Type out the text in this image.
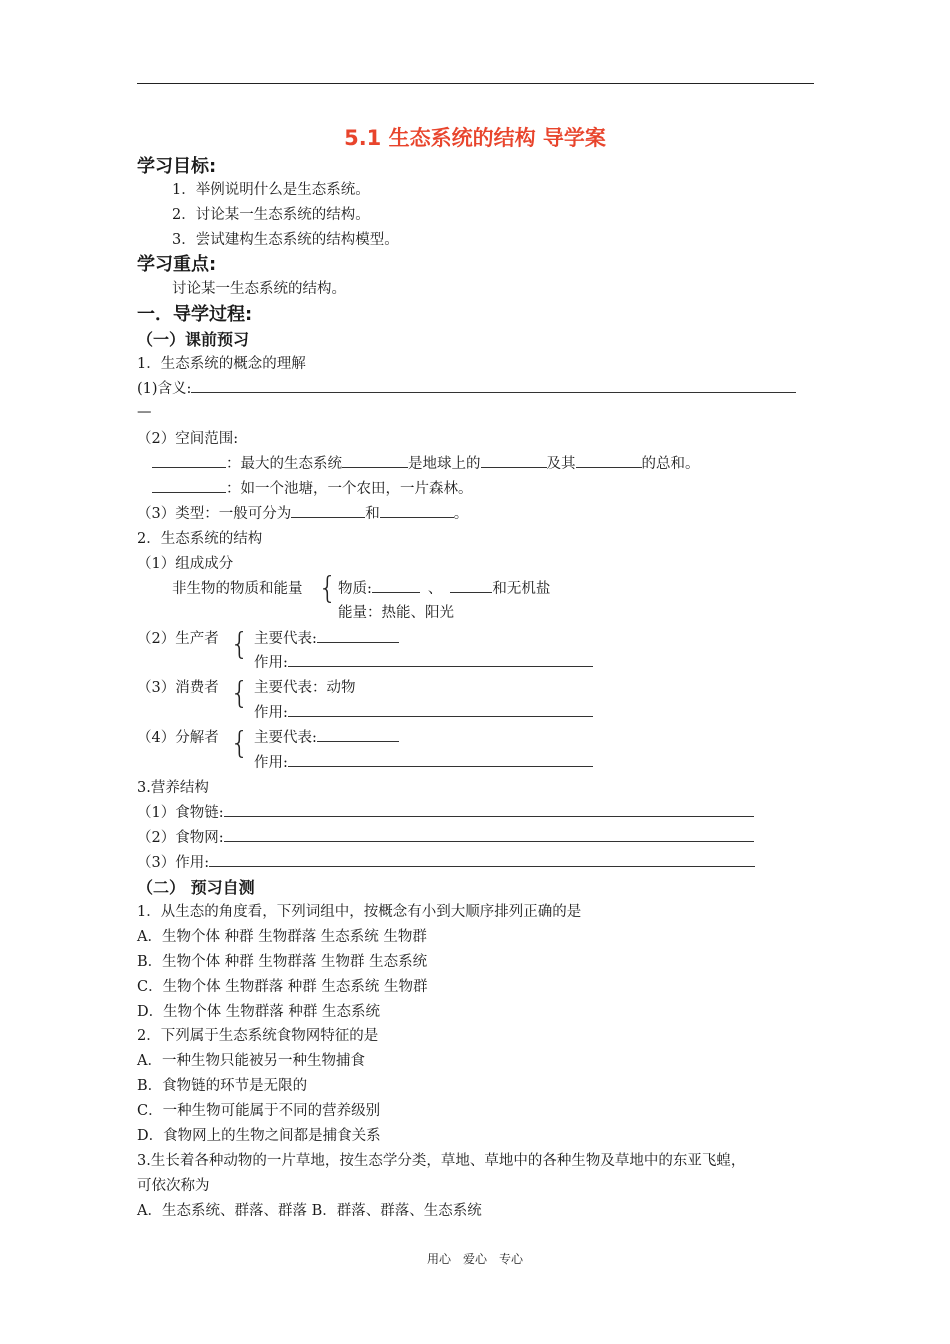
5.1 生态系统的结构 导学案
学习目标:
1．举例说明什么是生态系统。
2．讨论某一生态系统的结构。
3．尝试建构生态系统的结构模型。
学习重点:
讨论某一生态系统的结构。
一．导学过程:
（一）课前预习
1．生态系统的概念的理解
(1)含义:
—
（2）空间范围:
：最大的生态系统	是地球上的	及其	的总和。
：如一个池塘，一个农田，一片森林。
（3）类型：一般可分为	和	。
2．生态系统的结构
（1）组成成分
非生物的物质和能量 { 物质:	、	和无机盐
能量：热能、阳光
（2）生产者 { 主要代表:
作用:
（3）消费者 { 主要代表：动物
作用:
（4）分解者 { 主要代表:
作用:
3.营养结构
（1）食物链:
（2）食物网:
（3）作用:
（二） 预习自测
1．从生态的角度看，下列词组中，按概念有小到大顺序排列正确的是
A．生物个体 种群 生物群落 生态系统 生物群
B．生物个体 种群 生物群落 生物群 生态系统
C．生物个体 生物群落 种群 生态系统 生物群
D．生物个体 生物群落 种群 生态系统
2．下列属于生态系统食物网特征的是
A．一种生物只能被另一种生物捕食
B．食物链的环节是无限的
C．一种生物可能属于不同的营养级别
D．食物网上的生物之间都是捕食关系
3.生长着各种动物的一片草地，按生态学分类，草地、草地中的各种生物及草地中的东亚飞蝗，
可依次称为
A．生态系统、群落、群落 B．群落、群落、生态系统
用心　爱心　专心
